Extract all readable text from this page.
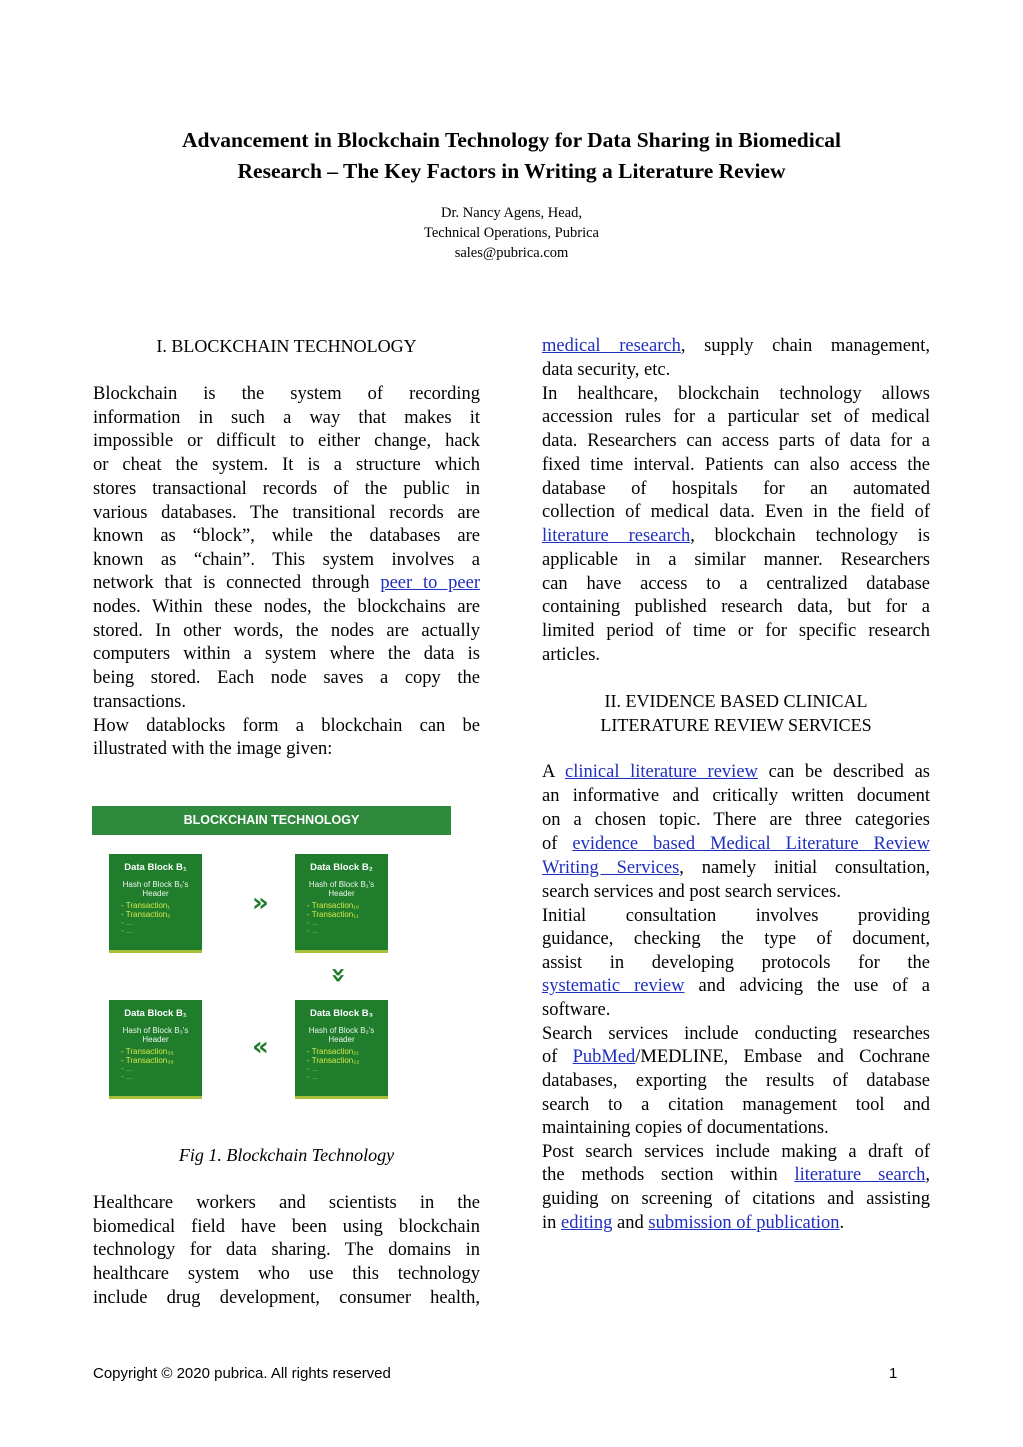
Advancement in Blockchain Technology for Data Sharing in Biomedical
Research – The Key Factors in Writing a Literature Review
Dr. Nancy Agens, Head,
Technical Operations, Pubrica
sales@pubrica.com
I. BLOCKCHAIN TECHNOLOGY
Blockchain is the system of recording
information in such a way that makes it
impossible or difficult to either change, hack
or cheat the system. It is a structure which
stores transactional records of the public in
various databases. The transitional records are
known as “block”, while the databases are
known as “chain”. This system involves a
network that is connected through peer to peer
nodes. Within these nodes, the blockchains are
stored. In other words, the nodes are actually
computers within a system where the data is
being stored. Each node saves a copy the
transactions.
How datablocks form a blockchain can be
illustrated with the image given:
BLOCKCHAIN TECHNOLOGY
Data Block B₁
Hash of Block B₀'s
Header
- Transaction₁
- Transaction₂
- ...
- ...
»
Data Block B₂
Hash of Block B₁'s
Header
- Transaction₁₀
- Transaction₁₁
- ...
- ...
»
Data Block B₁
Hash of Block B₃'s
Header
- Transaction₃₅
- Transaction₃₆
- ...
- ...
«
Data Block B₃
Hash of Block B₂'s
Header
- Transaction₂₁
- Transaction₂₂
- ...
- ...
Fig 1. Blockchain Technology
Healthcare workers and scientists in the
biomedical field have been using blockchain
technology for data sharing. The domains in
healthcare system who use this technology
include drug development, consumer health,
medical research, supply chain management,
data security, etc.
In healthcare, blockchain technology allows
accession rules for a particular set of medical
data. Researchers can access parts of data for a
fixed time interval. Patients can also access the
database of hospitals for an automated
collection of medical data. Even in the field of
literature research, blockchain technology is
applicable in a similar manner. Researchers
can have access to a centralized database
containing published research data, but for a
limited period of time or for specific research
articles.
II. EVIDENCE BASED CLINICAL
LITERATURE REVIEW SERVICES
A clinical literature review can be described as
an informative and critically written document
on a chosen topic. There are three categories
of evidence based Medical Literature Review
Writing Services, namely initial consultation,
search services and post search services.
Initial consultation involves providing
guidance, checking the type of document,
assist in developing protocols for the
systematic review and advicing the use of a
software.
Search services include conducting researches
of PubMed/MEDLINE, Embase and Cochrane
databases, exporting the results of database
search to a citation management tool and
maintaining copies of documentations.
Post search services include making a draft of
the methods section within literature search,
guiding on screening of citations and assisting
in editing and submission of publication.
Copyright © 2020 pubrica. All rights reserved	1
